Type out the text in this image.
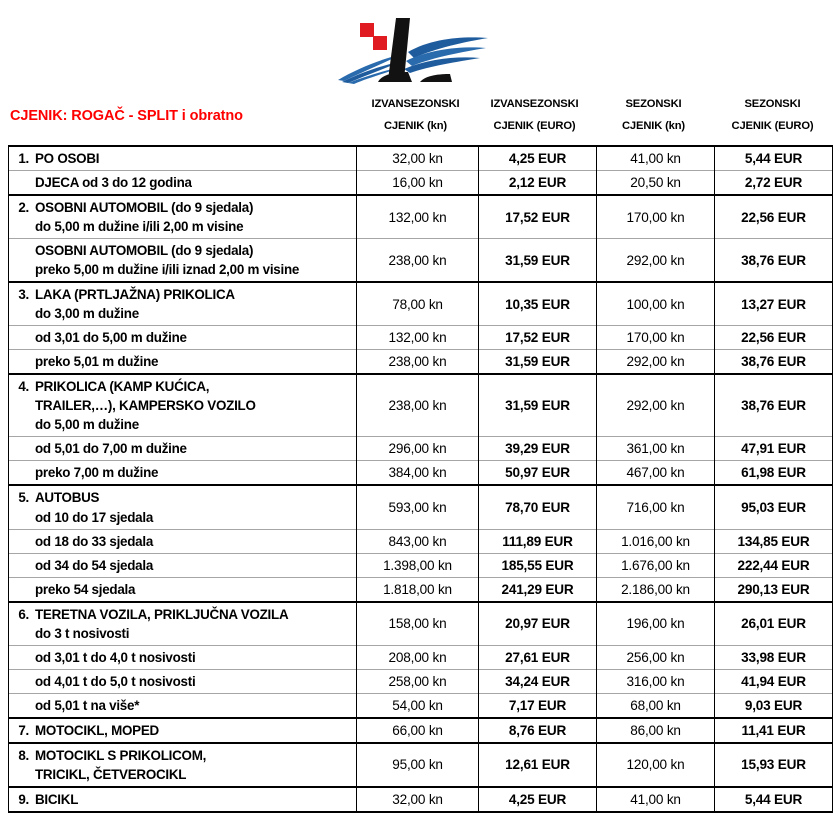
CJENIK: ROGAČ - SPLIT i obratno
IZVANSEZONSKI
CJENIK (kn)
IZVANSEZONSKI
CJENIK (EURO)
SEZONSKI
CJENIK (kn)
SEZONSKI
CJENIK (EURO)
1. PO OSOBI	32,00 kn	4,25 EUR	41,00 kn	5,44 EUR

DJECA od 3 do 12 godina	16,00 kn	2,12 EUR	20,50 kn	2,72 EUR

2. OSOBNI AUTOMOBIL (do 9 sjedala)
do 5,00 m dužine i/ili 2,00 m visine	132,00 kn	17,52 EUR	170,00 kn	22,56 EUR

OSOBNI AUTOMOBIL (do 9 sjedala)
preko 5,00 m dužine i/ili iznad 2,00 m visine	238,00 kn	31,59 EUR	292,00 kn	38,76 EUR

3. LAKA (PRTLJAŽNA) PRIKOLICA
do 3,00 m dužine	78,00 kn	10,35 EUR	100,00 kn	13,27 EUR

od 3,01 do 5,00 m dužine	132,00 kn	17,52 EUR	170,00 kn	22,56 EUR

preko 5,01 m dužine	238,00 kn	31,59 EUR	292,00 kn	38,76 EUR

4. PRIKOLICA (KAMP KUĆICA,
TRAILER,…), KAMPERSKO VOZILO
do 5,00 m dužine	238,00 kn	31,59 EUR	292,00 kn	38,76 EUR

od 5,01 do 7,00 m dužine	296,00 kn	39,29 EUR	361,00 kn	47,91 EUR

preko 7,00 m dužine	384,00 kn	50,97 EUR	467,00 kn	61,98 EUR

5. AUTOBUS
od 10 do 17 sjedala	593,00 kn	78,70 EUR	716,00 kn	95,03 EUR

od 18 do 33 sjedala	843,00 kn	111,89 EUR	1.016,00 kn	134,85 EUR

od 34 do 54 sjedala	1.398,00 kn	185,55 EUR	1.676,00 kn	222,44 EUR

preko 54 sjedala	1.818,00 kn	241,29 EUR	2.186,00 kn	290,13 EUR

6. TERETNA VOZILA, PRIKLJUČNA VOZILA
do 3 t nosivosti	158,00 kn	20,97 EUR	196,00 kn	26,01 EUR

od 3,01 t do 4,0 t nosivosti	208,00 kn	27,61 EUR	256,00 kn	33,98 EUR

od 4,01 t do 5,0 t nosivosti	258,00 kn	34,24 EUR	316,00 kn	41,94 EUR

od 5,01 t na više*	54,00 kn	7,17 EUR	68,00 kn	9,03 EUR

7. MOTOCIKL, MOPED	66,00 kn	8,76 EUR	86,00 kn	11,41 EUR

8. MOTOCIKL S PRIKOLICOM,
TRICIKL, ČETVEROCIKL	95,00 kn	12,61 EUR	120,00 kn	15,93 EUR

9. BICIKL	32,00 kn	4,25 EUR	41,00 kn	5,44 EUR
